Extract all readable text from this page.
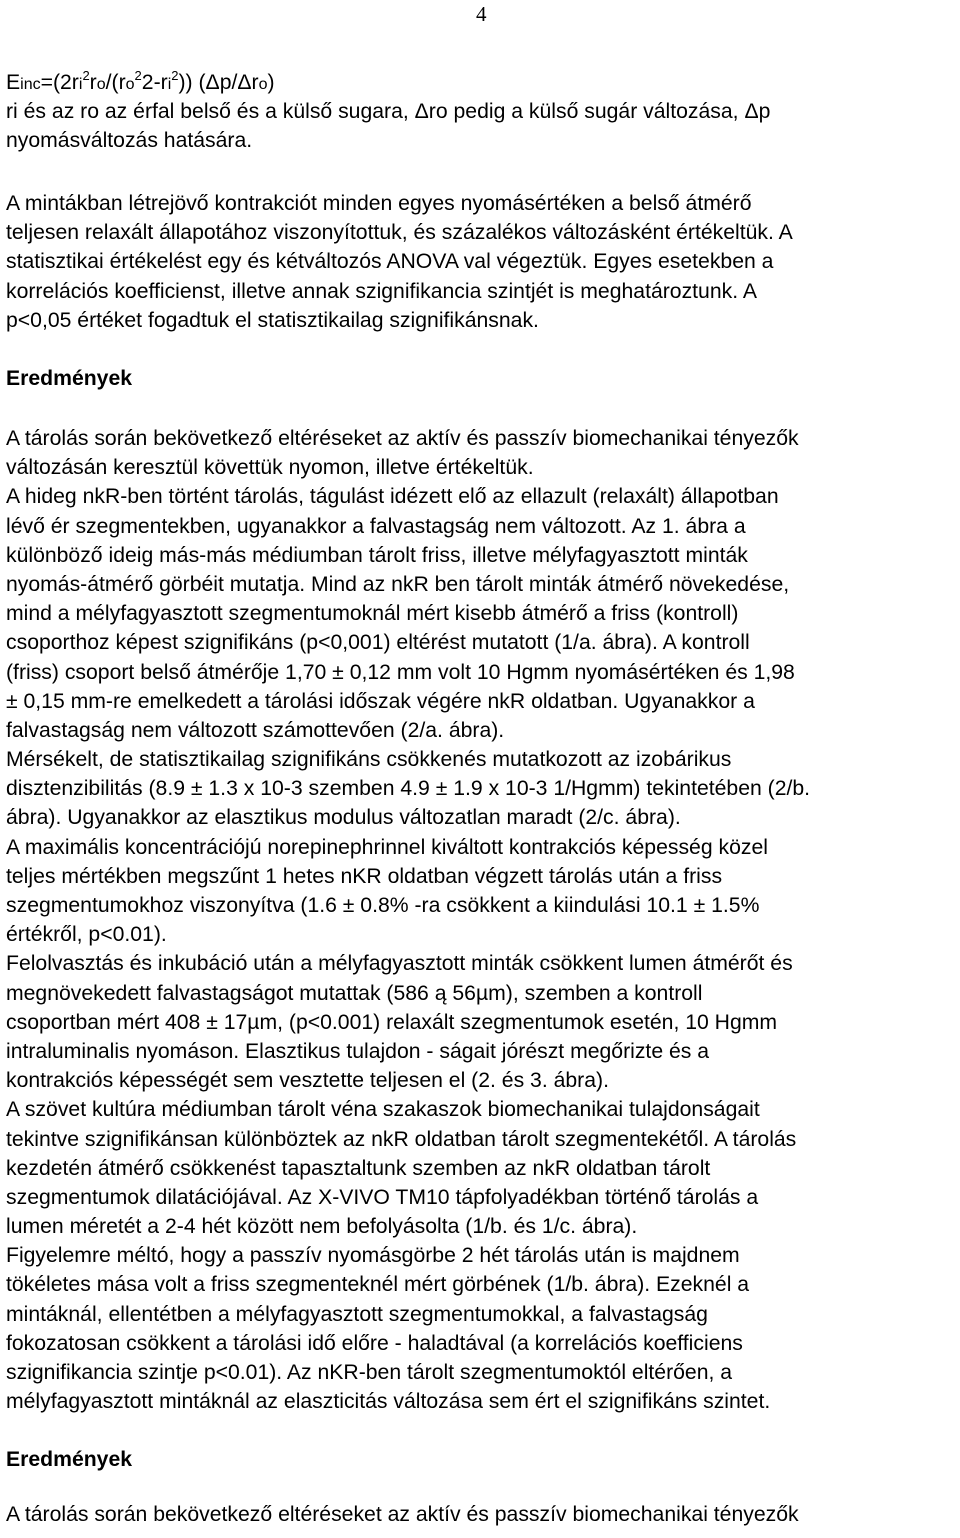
4
$Einc=(2ri^2ro/(ro^22-ri^2))$ (Δp/Δro)
ri és az ro az érfal belső és a külső sugara, Δro pedig a külső sugár változása, Δp
nyomásváltozás hatására.
A mintákban létrejövő kontrakciót minden egyes nyomásértéken a belső átmérő
teljesen relaxált állapotához viszonyítottuk, és százalékos változásként értékeltük. A
statisztikai értékelést egy és kétváltozós ANOVA val végeztük. Egyes esetekben a
korrelációs koefficienst, illetve annak szignifikancia szintjét is meghatároztunk. A
p<0,05 értéket fogadtuk el statisztikailag szignifikánsnak.
Eredmények
A tárolás során bekövetkező eltéréseket az aktív és passzív biomechanikai tényezők
változásán keresztül követtük nyomon, illetve értékeltük.
A hideg nkR-ben történt tárolás, tágulást idézett elő az ellazult (relaxált) állapotban
lévő ér szegmentekben, ugyanakkor a falvastagság nem változott. Az 1. ábra a
különböző ideig más-más médiumban tárolt friss, illetve mélyfagyasztott minták
nyomás-átmérő görbéit mutatja. Mind az nkR ben tárolt minták átmérő növekedése,
mind a mélyfagyasztott szegmentumoknál mért kisebb átmérő a friss (kontroll)
csoporthoz képest szignifikáns (p<0,001) eltérést mutatott (1/a. ábra). A kontroll
(friss) csoport belső átmérője 1,70 ± 0,12 mm volt 10 Hgmm nyomásértéken és 1,98
± 0,15 mm-re emelkedett a tárolási időszak végére nkR oldatban. Ugyanakkor a
falvastagság nem változott számottevően (2/a. ábra).
Mérsékelt, de statisztikailag szignifikáns csökkenés mutatkozott az izobárikus
disztenzibilitás (8.9 ± 1.3 x 10-3 szemben 4.9 ± 1.9 x 10-3 1/Hgmm) tekintetében (2/b.
ábra). Ugyanakkor az elasztikus modulus változatlan maradt (2/c. ábra).
A maximális koncentrációjú norepinephrinnel kiváltott kontrakciós képesség közel
teljes mértékben megszűnt 1 hetes nKR oldatban végzett tárolás után a friss
szegmentumokhoz viszonyítva (1.6 ± 0.8% -ra csökkent a kiindulási 10.1 ± 1.5%
értékről, p<0.01).
Felolvasztás és inkubáció után a mélyfagyasztott minták csökkent lumen átmérőt és
megnövekedett falvastagságot mutattak (586 ą 56µm), szemben a kontroll
csoportban mért 408 ± 17µm, (p<0.001) relaxált szegmentumok esetén, 10 Hgmm
intraluminalis nyomáson. Elasztikus tulajdon - ságait jórészt megőrizte és a
kontrakciós képességét sem vesztette teljesen el (2. és 3. ábra).
A szövet kultúra médiumban tárolt véna szakaszok biomechanikai tulajdonságait
tekintve szignifikánsan különböztek az nkR oldatban tárolt szegmentekétől. A tárolás
kezdetén átmérő csökkenést tapasztaltunk szemben az nkR oldatban tárolt
szegmentumok dilatációjával. Az X-VIVO TM10 tápfolyadékban történő tárolás a
lumen méretét a 2-4 hét között nem befolyásolta (1/b. és 1/c. ábra).
Figyelemre méltó, hogy a passzív nyomásgörbe 2 hét tárolás után is majdnem
tökéletes mása volt a friss szegmenteknél mért görbének (1/b. ábra). Ezeknél a
mintáknál, ellentétben a mélyfagyasztott szegmentumokkal, a falvastagság
fokozatosan csökkent a tárolási idő előre - haladtával (a korrelációs koefficiens
szignifikancia szintje p<0.01). Az nKR-ben tárolt szegmentumoktól eltérően, a
mélyfagyasztott mintáknál az elaszticitás változása sem ért el szignifikáns szintet.
Eredmények
A tárolás során bekövetkező eltéréseket az aktív és passzív biomechanikai tényezők
